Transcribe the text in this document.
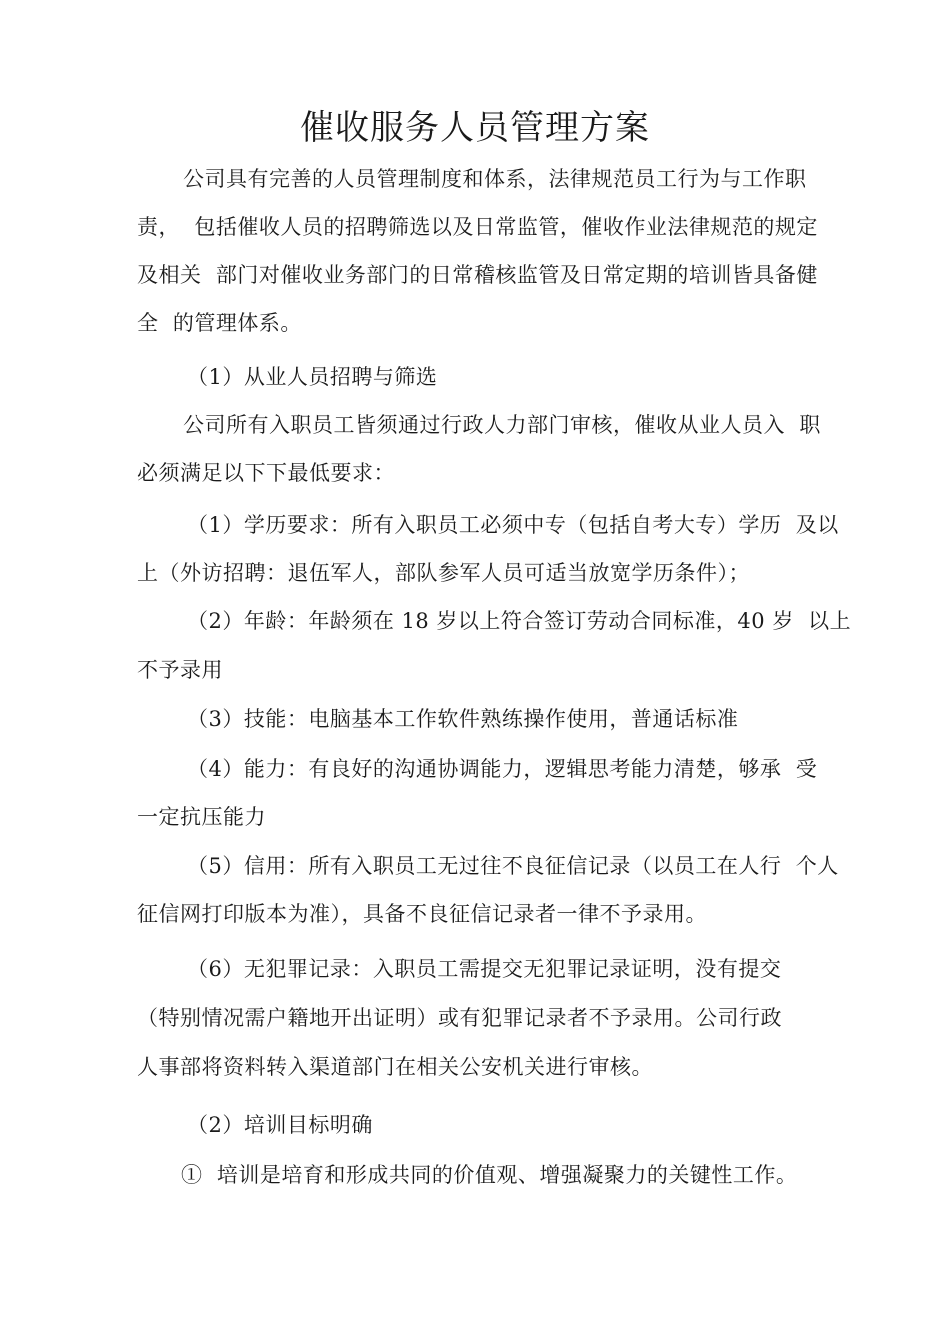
催收服务人员管理方案
公司具有完善的人员管理制度和体系，法律规范员工行为与工作职
责，  包括催收人员的招聘筛选以及日常监管，催收作业法律规范的规定
及相关  部门对催收业务部门的日常稽核监管及日常定期的培训皆具备健
全  的管理体系。
（1）从业人员招聘与筛选
公司所有入职员工皆须通过行政人力部门审核，催收从业人员入  职
必须满足以下下最低要求：
（1）学历要求：所有入职员工必须中专（包括自考大专）学历  及以
上（外访招聘：退伍军人，部队参军人员可适当放宽学历条件）；
（2）年龄：年龄须在 18 岁以上符合签订劳动合同标准，40 岁  以上
不予录用
（3）技能：电脑基本工作软件熟练操作使用，普通话标准
（4）能力：有良好的沟通协调能力，逻辑思考能力清楚，够承  受
一定抗压能力
（5）信用：所有入职员工无过往不良征信记录（以员工在人行  个人
征信网打印版本为准），具备不良征信记录者一律不予录用。
（6）无犯罪记录：入职员工需提交无犯罪记录证明，没有提交
（特别情况需户籍地开出证明）或有犯罪记录者不予录用。公司行政
人事部将资料转入渠道部门在相关公安机关进行审核。
（2）培训目标明确
①  培训是培育和形成共同的价值观、增强凝聚力的关键性工作。
